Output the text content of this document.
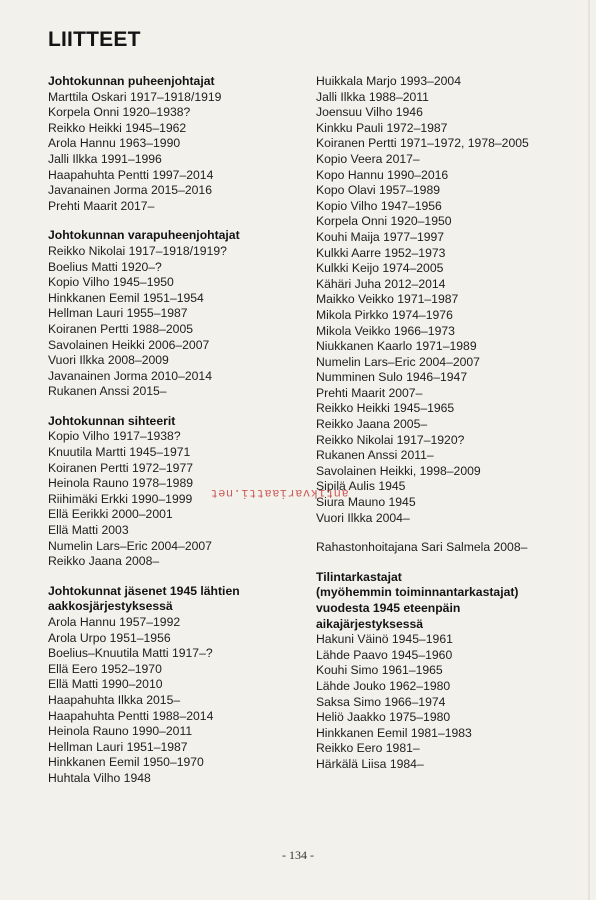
LIITTEET
Johtokunnan puheenjohtajat
Marttila Oskari 1917–1918/1919
Korpela Onni 1920–1938?
Reikko Heikki 1945–1962
Arola Hannu 1963–1990
Jalli Ilkka 1991–1996
Haapahuhta Pentti 1997–2014
Javanainen Jorma 2015–2016
Prehti Maarit 2017–
Johtokunnan varapuheenjohtajat
Reikko Nikolai 1917–1918/1919?
Boelius Matti 1920–?
Kopio Vilho 1945–1950
Hinkkanen Eemil 1951–1954
Hellman Lauri 1955–1987
Koiranen Pertti 1988–2005
Savolainen Heikki 2006–2007
Vuori Ilkka 2008–2009
Javanainen Jorma 2010–2014
Rukanen Anssi 2015–
Johtokunnan sihteerit
Kopio Vilho 1917–1938?
Knuutila Martti 1945–1971
Koiranen Pertti 1972–1977
Heinola Rauno 1978–1989
Riihimäki Erkki 1990–1999
Ellä Eerikki 2000–2001
Ellä Matti 2003
Numelin Lars–Eric 2004–2007
Reikko Jaana 2008–
Johtokunnat jäsenet 1945 lähtien
aakkosjärjestyksessä
Arola Hannu 1957–1992
Arola Urpo 1951–1956
Boelius–Knuutila Matti 1917–?
Ellä Eero 1952–1970
Ellä Matti 1990–2010
Haapahuhta Ilkka 2015–
Haapahuhta Pentti 1988–2014
Heinola Rauno 1990–2011
Hellman Lauri 1951–1987
Hinkkanen Eemil 1950–1970
Huhtala Vilho 1948
Huikkala Marjo 1993–2004
Jalli Ilkka 1988–2011
Joensuu Vilho 1946
Kinkku Pauli 1972–1987
Koiranen Pertti 1971–1972, 1978–2005
Kopio Veera 2017–
Kopo Hannu 1990–2016
Kopo Olavi 1957–1989
Kopio Vilho 1947–1956
Korpela Onni 1920–1950
Kouhi Maija 1977–1997
Kulkki Aarre 1952–1973
Kulkki Keijo 1974–2005
Kähäri Juha 2012–2014
Maikko Veikko 1971–1987
Mikola Pirkko 1974–1976
Mikola Veikko 1966–1973
Niukkanen Kaarlo 1971–1989
Numelin Lars–Eric 2004–2007
Numminen Sulo 1946–1947
Prehti Maarit 2007–
Reikko Heikki 1945–1965
Reikko Jaana 2005–
Reikko Nikolai 1917–1920?
Rukanen Anssi 2011–
Savolainen Heikki, 1998–2009
Sipilä Aulis 1945
Siura Mauno 1945
Vuori Ilkka 2004–
Rahastonhoitajana Sari Salmela 2008–
Tilintarkastajat
(myöhemmin toiminnantarkastajat)
vuodesta 1945 eteenpäin
aikajärjestyksessä
Hakuni Väinö 1945–1961
Lähde Paavo 1945–1960
Kouhi Simo 1961–1965
Lähde Jouko 1962–1980
Saksa Simo 1966–1974
Heliö Jaakko 1975–1980
Hinkkanen Eemil 1981–1983
Reikko Eero 1981–
Härkälä Liisa 1984–
antikvariaatti.net
- 134 -
